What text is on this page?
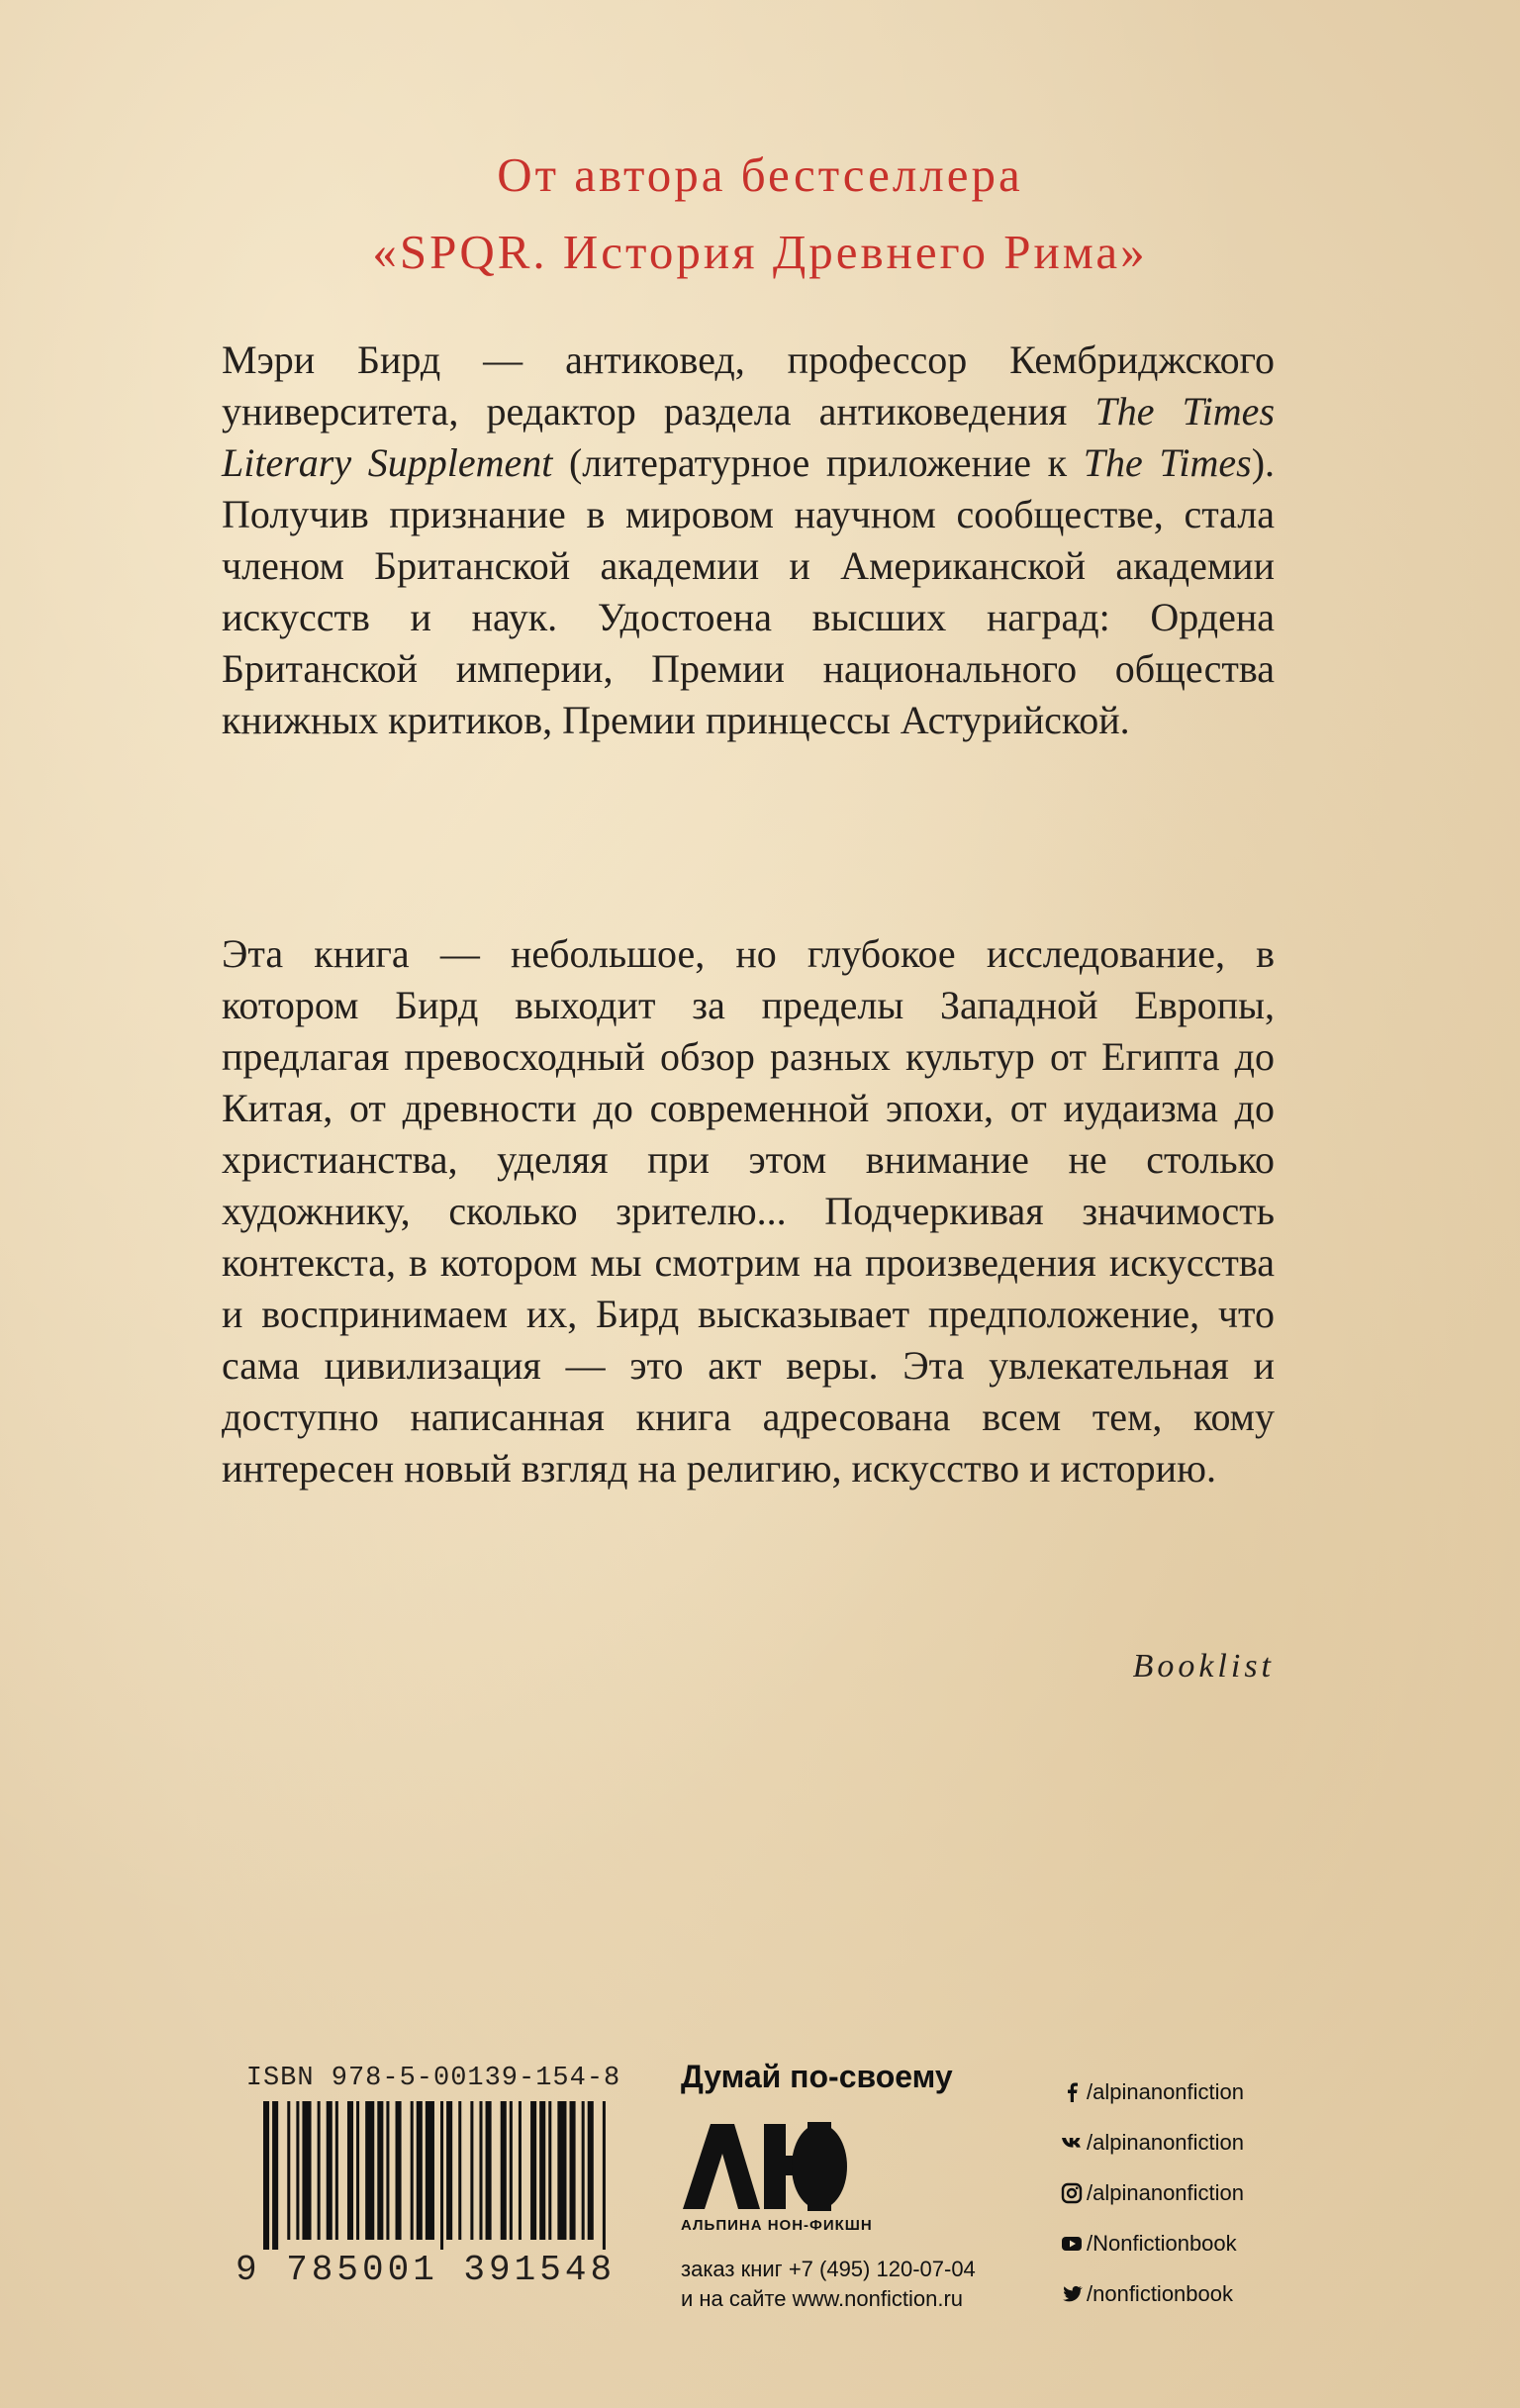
От автора бестселлера
«SPQR. История Древнего Рима»

Мэри Бирд — антиковед, профессор Кембриджского университета, редактор раздела антиковедения The Times Literary Supplement (литературное приложение к The Times). Получив признание в мировом научном сообществе, стала членом Британской академии и Американской академии искусств и наук. Удостоена высших наград: Ордена Британской империи, Премии национального общества книжных критиков, Премии принцессы Астурийской.

Эта книга — небольшое, но глубокое исследование, в котором Бирд выходит за пределы Западной Европы, предлагая превосходный обзор разных культур от Египта до Китая, от древности до современной эпохи, от иудаизма до христианства, уделяя при этом внимание не столько художнику, сколько зрителю... Подчеркивая значимость контекста, в котором мы смотрим на произведения искусства и воспринимаем их, Бирд высказывает предположение, что сама цивилизация — это акт веры. Эта увлекательная и доступно написанная книга адресована всем тем, кому интересен новый взгляд на религию, искусство и историю.

Booklist
ISBN 978-5-00139-154-8
9 785001 391548
Думай по-своему
АЛЬПИНА НОН-ФИКШН
заказ книг +7 (495) 120-07-04
и на сайте www.nonfiction.ru
/alpinanonfiction
/alpinanonfiction
/alpinanonfiction
/Nonfictionbook
/nonfictionbook
